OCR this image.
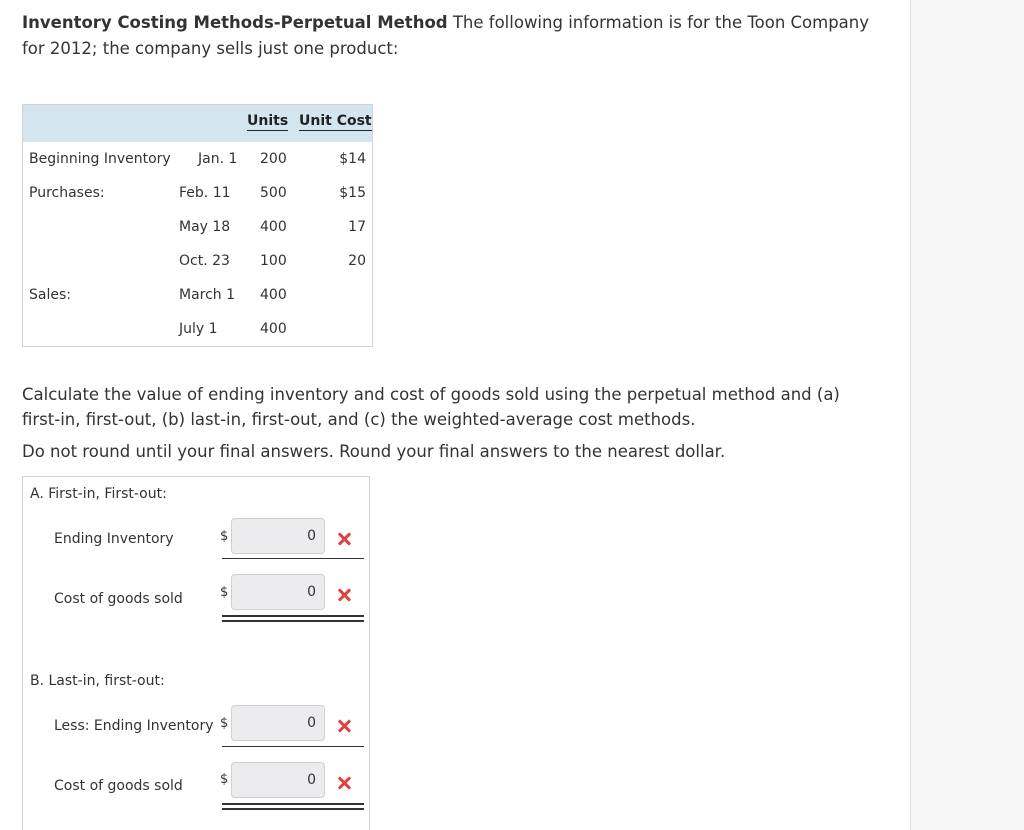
Inventory Costing Methods-Perpetual Method The following information is for the Toon Company for 2012; the company sells just one product:
Units Unit Cost
Beginning Inventory Jan. 1 200	$14
Purchases:	Feb. 11 500	$15
May 18 400	17
Oct. 23 100	20
Sales:	March 1 400
July 1	400
Calculate the value of ending inventory and cost of goods sold using the perpetual method and (a) first-in, first-out, (b) last-in, first-out, and (c) the weighted-average cost methods.
Do not round until your final answers. Round your final answers to the nearest dollar.
A. First-in, First-out:
Ending Inventory	$
0
Cost of goods sold	$
0
B. Last-in, first-out:
Less: Ending Inventory $
0
Cost of goods sold	$
0
